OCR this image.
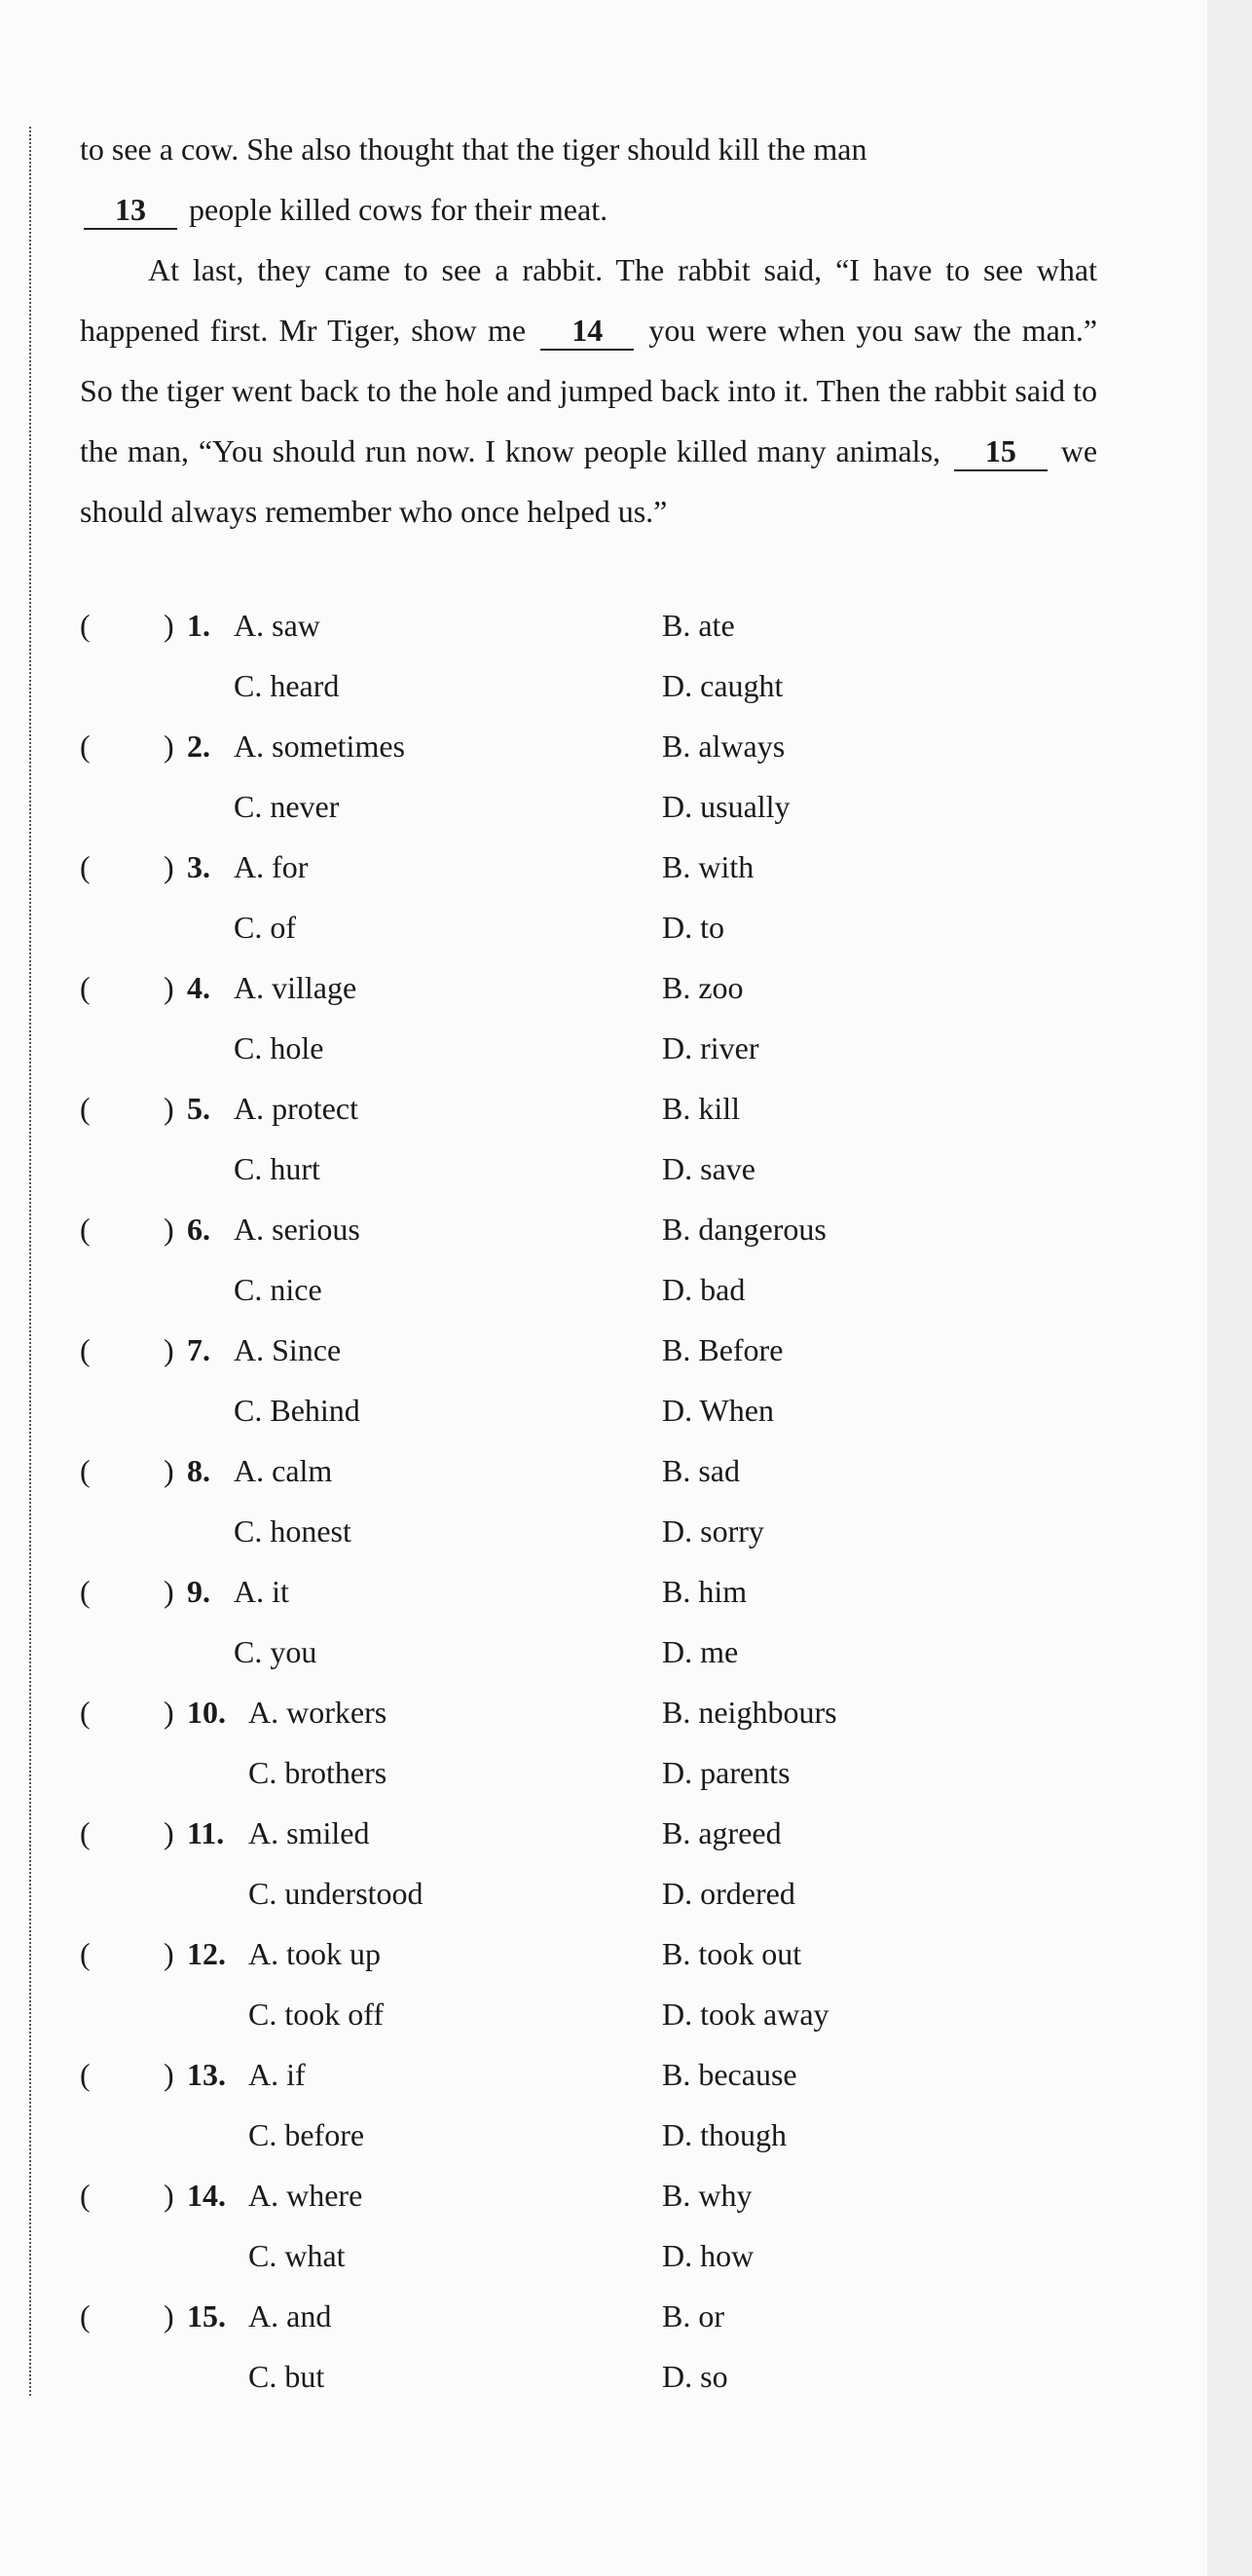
to see a cow. She also thought that the tiger should kill the man
13 people killed cows for their meat.

At last, they came to see a rabbit. The rabbit said, “I have to see what happened first. Mr Tiger, show me 14 you were when you saw the man.” So the tiger went back to the hole and jumped back into it. Then the rabbit said to the man, “You should run now. I know people killed many animals, 15 we should always remember who once helped us.”

( ) 1. A. saw	B. ate
C. heard	D. caught
( ) 2. A. sometimes	B. always
C. never	D. usually
( ) 3. A. for	B. with
C. of	D. to
( ) 4. A. village	B. zoo
C. hole	D. river
( ) 5. A. protect	B. kill
C. hurt	D. save
( ) 6. A. serious	B. dangerous
C. nice	D. bad
( ) 7. A. Since	B. Before
C. Behind	D. When
( ) 8. A. calm	B. sad
C. honest	D. sorry
( ) 9. A. it	B. him
C. you	D. me
( ) 10. A. workers	B. neighbours
C. brothers	D. parents
( ) 11. A. smiled	B. agreed
C. understood	D. ordered
( ) 12. A. took up	B. took out
C. took off	D. took away
( ) 13. A. if	B. because
C. before	D. though
( ) 14. A. where	B. why
C. what	D. how
( ) 15. A. and	B. or
C. but	D. so
